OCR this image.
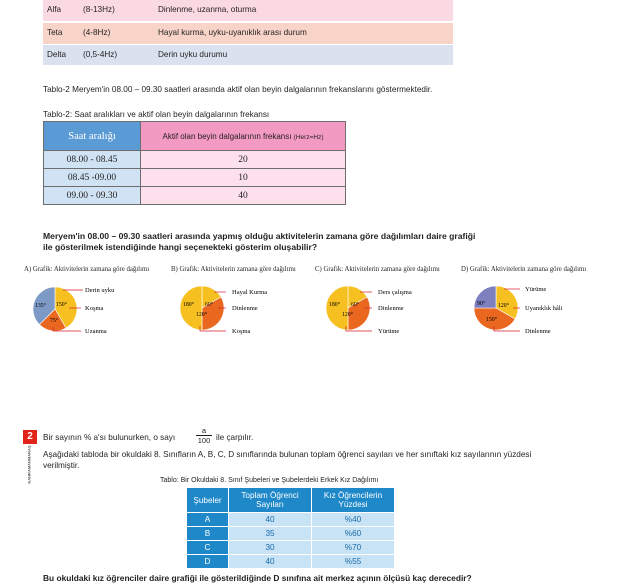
Alfa	(8-13Hz)	Dinlenme, uzanma, oturma
Teta	(4-8Hz)	Hayal kurma, uyku-uyanıklık arası durum
Delta (0,5-4Hz)	Derin uyku durumu
Tablo-2 Meryem'in 08.00 – 09.30 saatleri arasında aktif olan beyin dalgalarının frekanslarını göstermektedir.
Tablo-2: Saat aralıkları ve aktif olan beyin dalgalarının frekansı
Saat aralığı	Aktif olan beyin dalgalarının frekansı (Herz=Hz)
08.00 - 08.45	20
08.45 -09.00	10
09.00 - 09.30	40
Meryem'in 08.00 – 09.30 saatleri arasında yapmış olduğu aktivitelerin zamana göre dağılımları daire grafiği ile gösterilmek istendiğinde hangi seçenekteki gösterim oluşabilir?
A) Grafik: Aktivitelerin zamana göre dağılımı	B) Grafik: Aktivitelerin zamana göre dağılımı	C) Grafik: Aktivitelerin zamana göre dağılımı	D) Grafik: Aktivitelerin zamana göre dağılımı
150°
75°
135°
Derin uyku
Koşma
Uzanma
60°
120°
180°
Hayal Kurma
Dinlenme
Koşma
60°
120°
180°
Ders çalışma
Dinlenme
Yürüme
120°
150°
90°
Yürüme
Uyanıklık hâli
Dinlenme
2
KAHRAMANMARAŞ
Bir sayının % a'sı bulunurken, o sayı	$\frac{a}{100}$ ile çarpılır.
Aşağıdaki tabloda bir okuldaki 8. Sınıfların A, B, C, D sınıflarında bulunan toplam öğrenci sayıları ve her sınıftaki kız sayılarının yüzdesi verilmiştir.
Tablo: Bir Okuldaki 8. Sınıf Şubeleri ve Şubelerdeki Erkek Kız Dağılımı
Şubeler	Toplam Öğrenci Sayıları	Kız Öğrencilerin Yüzdesi
A	40	%40
B	35	%60
C	30	%70
D	40	%55
Bu okuldaki kız öğrenciler daire grafiği ile gösterildiğinde D sınıfına ait merkez açının ölçüsü kaç derecedir?
